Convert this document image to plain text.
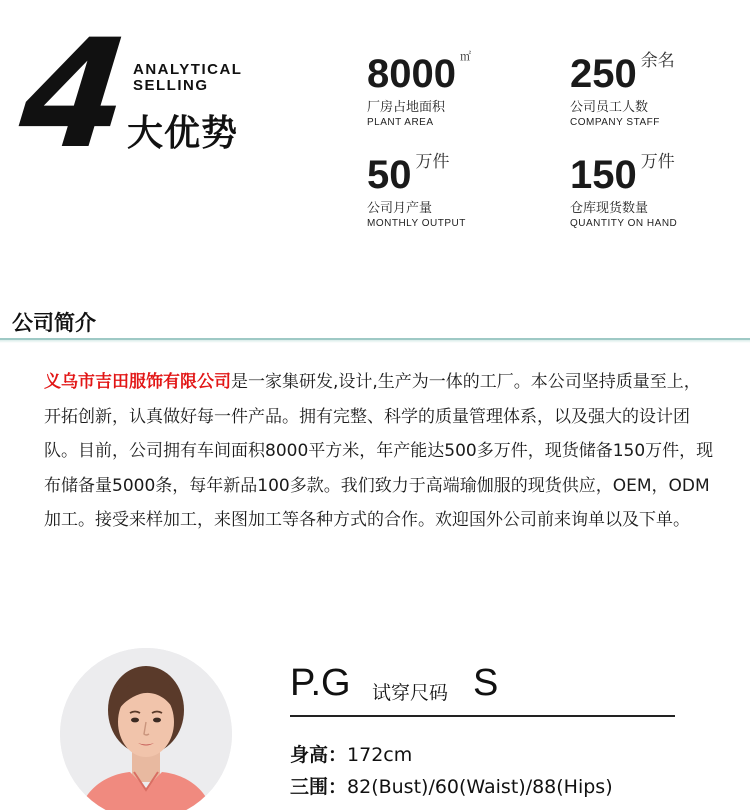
4 ANALYTICAL
SELLING
大优势
8000 ㎡
厂房占地面积
PLANT AREA
250 余名
公司员工人数
COMPANY STAFF
50 万件
公司月产量
MONTHLY OUTPUT
150 万件
仓库现货数量
QUANTITY ON HAND
公司简介
义乌市吉田服饰有限公司是一家集研发,设计,生产为一体的工厂。本公司坚持质量至上，开拓创新，认真做好每一件产品。拥有完整、科学的质量管理体系，以及强大的设计团队。目前，公司拥有车间面积8000平方米，年产能达500多万件，现货储备150万件，现布储备量5000条，每年新品100多款。我们致力于高端瑜伽服的现货供应，OEM，ODM加工。接受来样加工，来图加工等各种方式的合作。欢迎国外公司前来询单以及下单。
P.G 试穿尺码 S
身高：172cm
三围：82(Bust)/60(Waist)/88(Hips)
